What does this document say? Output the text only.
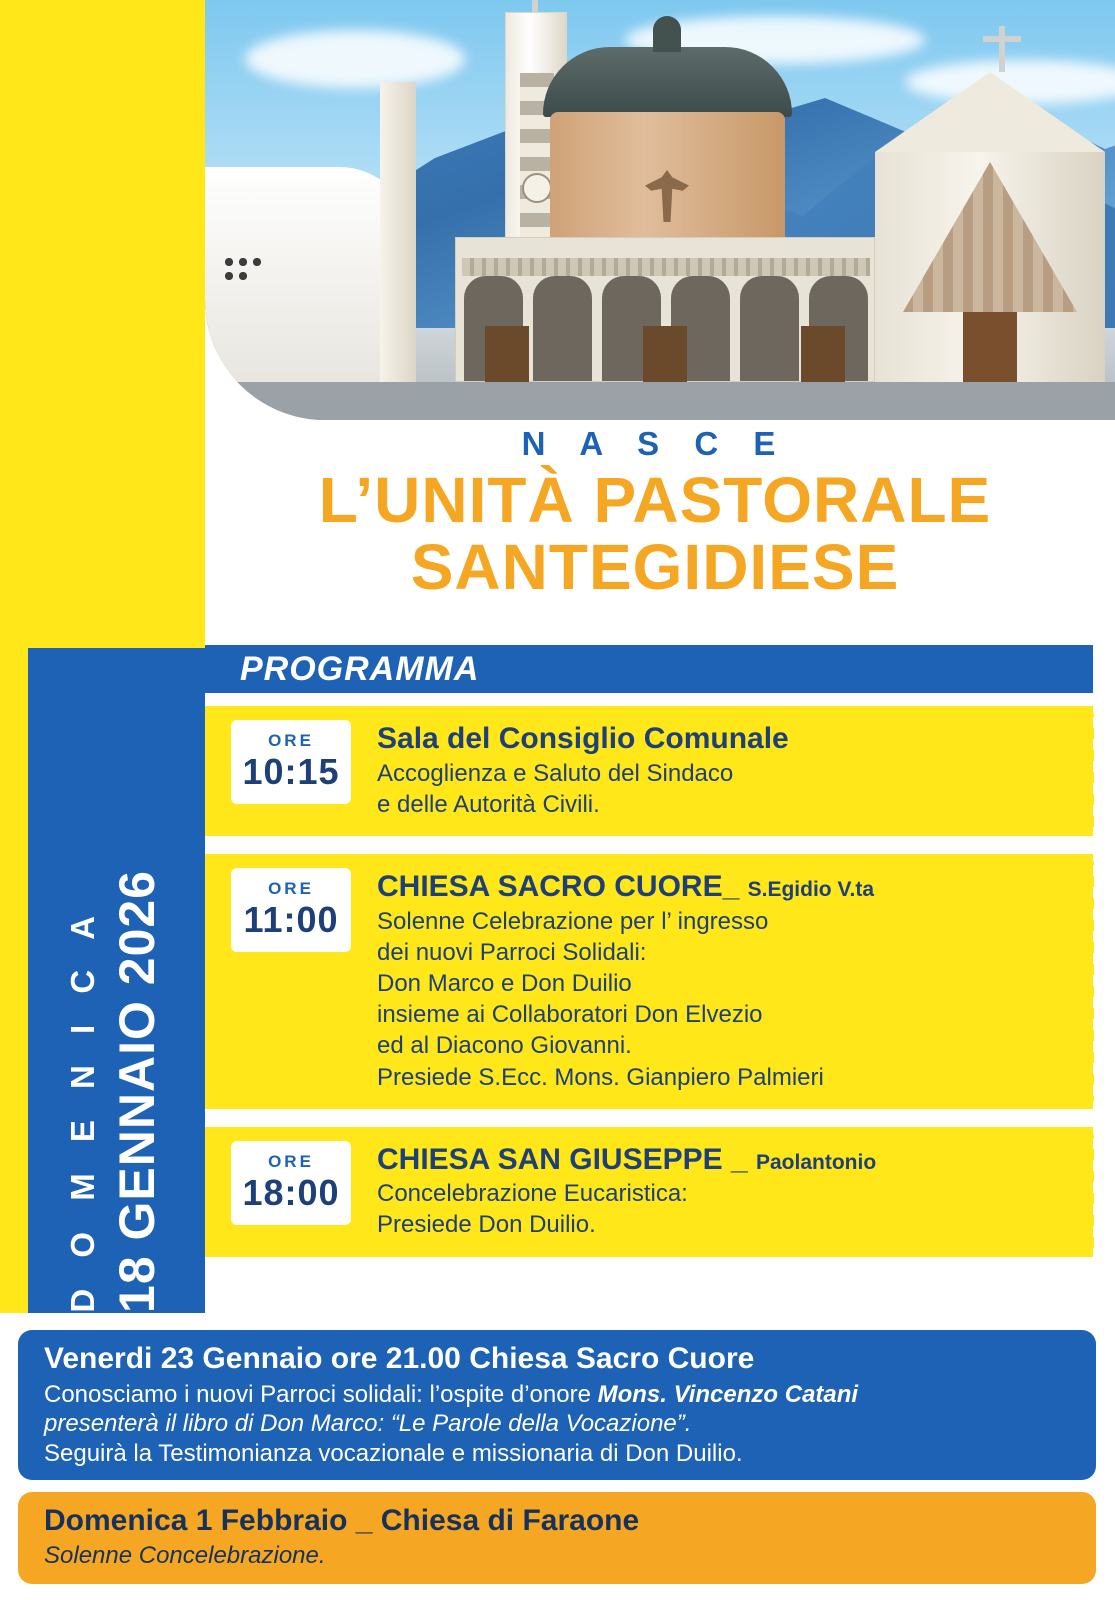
D O M E N I C A 18 GENNAIO 2026

N A S C E

L’UNITÀ PASTORALE

SANTEGIDIESE

PROGRAMMA
ORE
10:15

Sala del Consiglio Comunale

Accoglienza e Saluto del Sindaco

e delle Autorità Civili.

ORE
11:00

CHIESA SACRO CUORE_ S.Egidio V.ta

Solenne Celebrazione per l’ ingresso

dei nuovi Parroci Solidali:

Don Marco e Don Duilio

insieme ai Collaboratori Don Elvezio

ed al Diacono Giovanni.

Presiede S.Ecc. Mons. Gianpiero Palmieri

ORE
18:00

CHIESA SAN GIUSEPPE _ Paolantonio

Concelebrazione Eucaristica:

Presiede Don Duilio.

Venerdi 23 Gennaio ore 21.00 Chiesa Sacro Cuore

Conosciamo i nuovi Parroci solidali: l’ospite d’onore Mons. Vincenzo Catani

presenterà il libro di Don Marco: “Le Parole della Vocazione”.

Seguirà la Testimonianza vocazionale e missionaria di Don Duilio.

Domenica 1 Febbraio _ Chiesa di Faraone

Solenne Concelebrazione.
